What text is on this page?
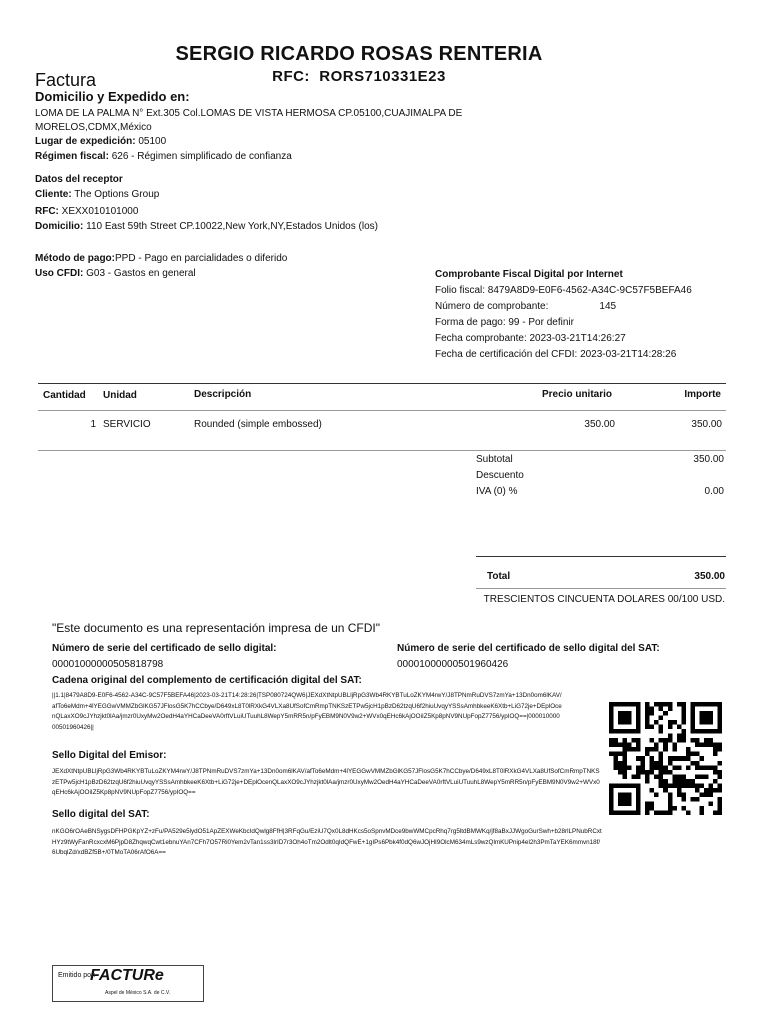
SERGIO RICARDO ROSAS RENTERIA
RFC: RORS710331E23
Factura
Domicilio y Expedido en:
LOMA DE LA PALMA N° Ext.305 Col.LOMAS DE VISTA HERMOSA CP.05100,CUAJIMALPA DE MORELOS,CDMX,México
Lugar de expedición: 05100
Régimen fiscal: 626 - Régimen simplificado de confianza
Datos del receptor
Cliente: The Options Group
RFC: XEXX010101000
Domicilio: 110 East 59th Street CP.10022,New York,NY,Estados Unidos (los)
Método de pago:PPD - Pago en parcialidades o diferido
Uso CFDI: G03 - Gastos en general	Comprobante Fiscal Digital por Internet
Folio fiscal: 8479A8D9-E0F6-4562-A34C-9C57F5BEFA46
Número de comprobante:	145
Forma de pago: 99 - Por definir
Fecha comprobante: 2023-03-21T14:26:27
Fecha de certificación del CFDI: 2023-03-21T14:28:26
Cantidad Unidad	Descripción	Precio unitario	Importe
1 SERVICIO	Rounded (simple embossed)	350.00	350.00
Subtotal	350.00
Descuento
IVA (0) %	0.00
Total	350.00
TRESCIENTOS CINCUENTA DOLARES 00/100 USD.
"Este documento es una representación impresa de un CFDI"
Número de serie del certificado de sello digital:
00001000000505818798
Número de serie del certificado de sello digital del SAT:
00001000000501960426
Cadena original del complemento de certificación digital del SAT:
||1.1|8479A8D9-E0F6-4562-A34C-9C57F5BEFA46|2023-03-21T14:28:26|TSP080724QW6|JEXdXtNtpUBLljRpG3Wb4RKYBTuLoZKYM4rwY/J8TPNmRuDVS7zmYa+13Dn0om6lKAV/afTo6eMdm+4lYEGGwVMMZbGlKG57JFlosG5K7hCCbye/D649xL8T0lRXkG4VLXa8UfSofCmRmpTNKSzETPw5jcH1pBzD62tzqU6f2hiuUvqyYSSsAmhbkeeK6Xtb+LiG72je+DEplOcenQLaxXO9cJYhzjkt0lAa/jmzr0UxyMw2OedH4aYHCaDeeVA0rftVLuiUTuuhL8WepY5mRR5n/pFyEBM9N0V9w2+WVx0qEHc6kAjOOiIZ5Kp8pNV9NUpFopZ7756/ypIOQ==|00001000000501960426||
Sello Digital del Emisor:
JEXdXtNtpUBLljRpG3Wb4RKYBTuLoZKYM4rwY/J8TPNmRuDVS7zmYa+13Dn0om6lKAV/afTo6eMdm+4lYEGGwVMMZbGlKG57JFlosG5K7hCCbye/D649xL8T0lRXkG4VLXa8UfSofCmRmpTNKSzETPw5jcH1pBzD62tzqU6f2hiuUvqyYSSsAmhbkeeK6Xtb+LiG72je+DEplOcenQLaxXO9cJYhzjkt0lAa/jmzr0UxyMw2OedH4aYHCaDeeVA0rftVLuiUTuuhL8WepY5mRR5n/pFyEBM9N0V9w2+WVx0qEHc6kAjOOiIZ5Kp8pNV9NUpFopZ7756/ypIOQ==
Sello digital del SAT:
nKGO6rOAeBNSygsDFHPGKpYZ+zFu/PA529e5lydO51ApZEXWeKbcIdQwlg8FfH|3RFqGu/EziU7Qx0L8dHKcs5oSpnvMDce9bwWMCpcRhq7rg5ltdBMWKq/jf8aBxJJWgoGurSwh+b28rlLPNubRCxtHYz9tWyFanRcxcxM6PjpD8ZhqwqCwt1ebnuYAn7CFh7O57Ri0Yem2vTan1ss3lrID7r3Oh4oTm2Odlt0qIdQFwE+1gIPs6Pbk4f0dQ6wJOjHI9OlcM634mLs9wzQlmKUPnip4el2h3PmTaYEK6mmvn18f/6UbqlZd/xdBZf5B+/0TMoTA06rAfO6A==
Emitido por:
FACTURe
Aspel de México S.A. de C.V.
